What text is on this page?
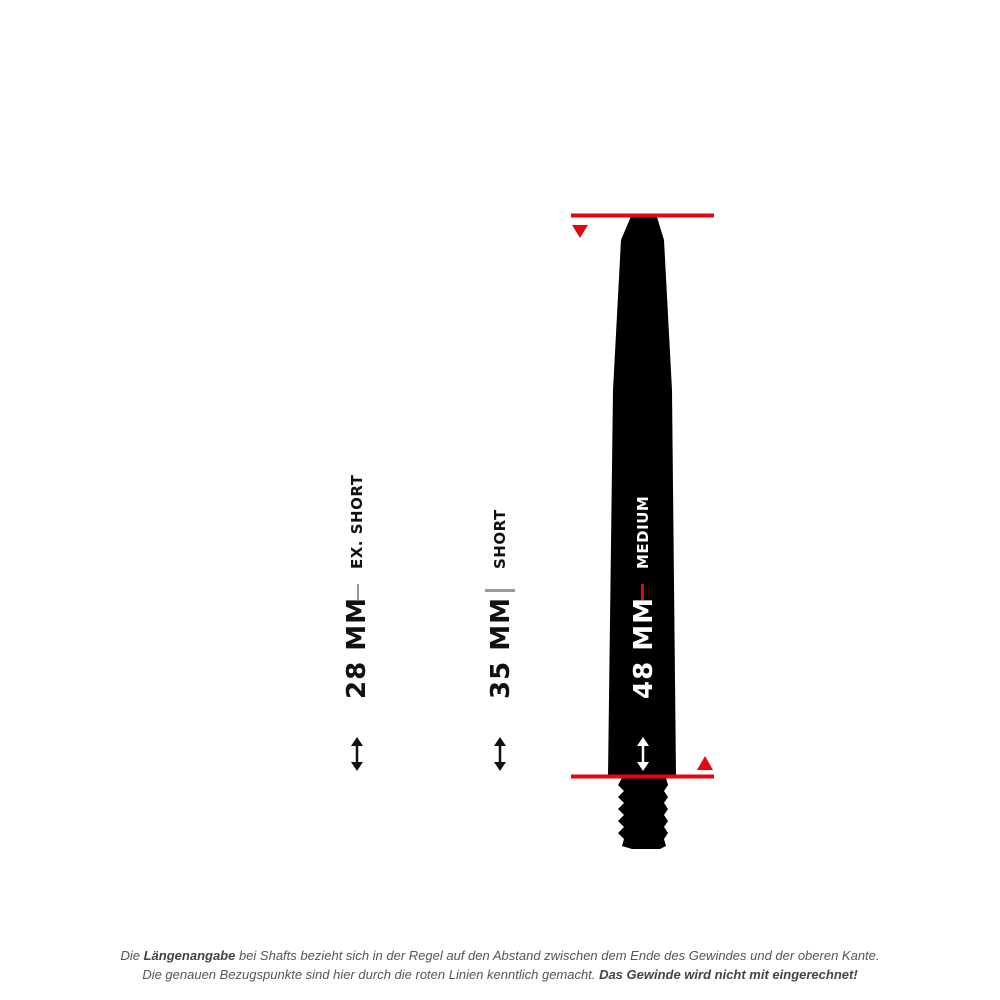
EX. SHORT
28 MM
SHORT
35 MM
MEDIUM
48 MM
Die Längenangabe bei Shafts bezieht sich in der Regel auf den Abstand zwischen dem Ende des Gewindes und der oberen Kante.
Die genauen Bezugspunkte sind hier durch die roten Linien kenntlich gemacht. Das Gewinde wird nicht mit eingerechnet!
